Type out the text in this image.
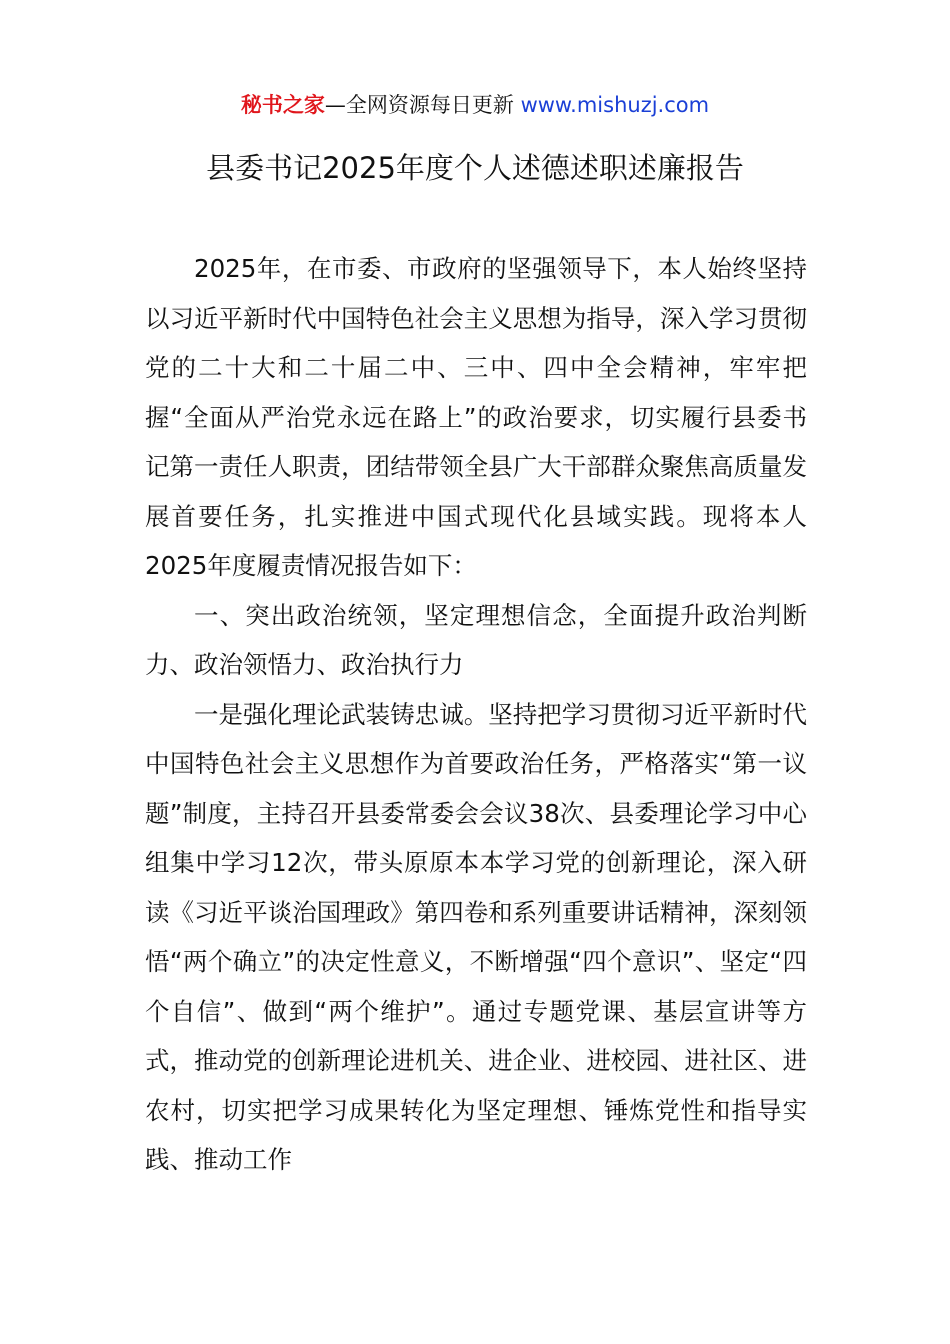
秘书之家—全网资源每日更新 www.mishuzj.com
县委书记2025年度个人述德述职述廉报告

2025年，在市委、市政府的坚强领导下，本人始终坚持以习近平新时代中国特色社会主义思想为指导，深入学习贯彻党的二十大和二十届二中、三中、四中全会精神，牢牢把握“全面从严治党永远在路上”的政治要求，切实履行县委书记第一责任人职责，团结带领全县广大干部群众聚焦高质量发展首要任务，扎实推进中国式现代化县域实践。现将本人2025年度履责情况报告如下：

一、突出政治统领，坚定理想信念，全面提升政治判断力、政治领悟力、政治执行力

一是强化理论武装铸忠诚。坚持把学习贯彻习近平新时代中国特色社会主义思想作为首要政治任务，严格落实“第一议题”制度，主持召开县委常委会会议38次、县委理论学习中心组集中学习12次，带头原原本本学习党的创新理论，深入研读《习近平谈治国理政》第四卷和系列重要讲话精神，深刻领悟“两个确立”的决定性意义，不断增强“四个意识”、坚定“四个自信”、做到“两个维护”。通过专题党课、基层宣讲等方式，推动党的创新理论进机关、进企业、进校园、进社区、进农村，切实把学习成果转化为坚定理想、锤炼党性和指导实践、推动工作
